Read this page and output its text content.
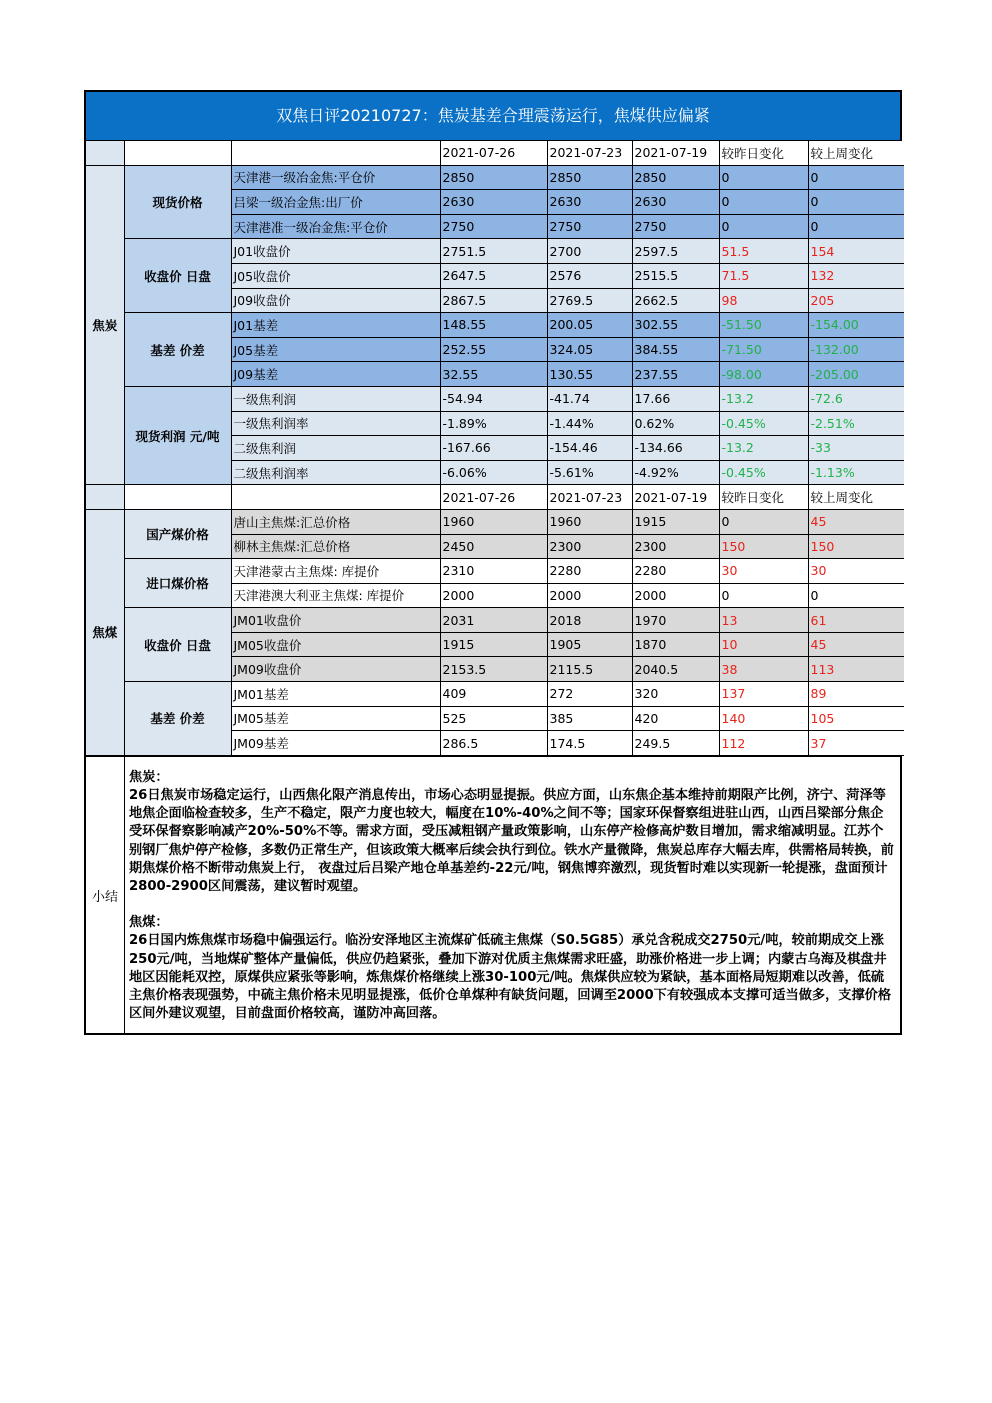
双焦日评20210727：焦炭基差合理震荡运行，焦煤供应偏紧
			2021-07-26	2021-07-23	2021-07-19	较昨日变化	较上周变化
焦炭	现货价格	天津港一级冶金焦:平仓价	2850	2850	2850	0	0
		吕梁一级冶金焦:出厂价	2630	2630	2630	0	0
		天津港准一级冶金焦:平仓价	2750	2750	2750	0	0
	收盘价 日盘	J01收盘价	2751.5	2700	2597.5	51.5	154
		J05收盘价	2647.5	2576	2515.5	71.5	132
		J09收盘价	2867.5	2769.5	2662.5	98	205
	基差 价差	J01基差	148.55	200.05	302.55	-51.50	-154.00
		J05基差	252.55	324.05	384.55	-71.50	-132.00
		J09基差	32.55	130.55	237.55	-98.00	-205.00
	现货利润 元/吨	一级焦利润	-54.94	-41.74	17.66	-13.2	-72.6
		一级焦利润率	-1.89%	-1.44%	0.62%	-0.45%	-2.51%
		二级焦利润	-167.66	-154.46	-134.66	-13.2	-33
		二级焦利润率	-6.06%	-5.61%	-4.92%	-0.45%	-1.13%
			2021-07-26	2021-07-23	2021-07-19	较昨日变化	较上周变化
焦煤	国产煤价格	唐山主焦煤:汇总价格	1960	1960	1915	0	45
		柳林主焦煤:汇总价格	2450	2300	2300	150	150
	进口煤价格	天津港蒙古主焦煤: 库提价	2310	2280	2280	30	30
		天津港澳大利亚主焦煤: 库提价	2000	2000	2000	0	0
	收盘价 日盘	JM01收盘价	2031	2018	1970	13	61
		JM05收盘价	1915	1905	1870	10	45
		JM09收盘价	2153.5	2115.5	2040.5	38	113
	基差 价差	JM01基差	409	272	320	137	89
		JM05基差	525	385	420	140	105
		JM09基差	286.5	174.5	249.5	112	37
小结
焦炭：
26日焦炭市场稳定运行，山西焦化限产消息传出，市场心态明显提振。供应方面，山东焦企基本维持前期限产比例，济宁、菏泽等地焦企面临检查较多，生产不稳定，限产力度也较大，幅度在10%-40%之间不等；国家环保督察组进驻山西，山西吕梁部分焦企受环保督察影响减产20%-50%不等。需求方面，受压减粗钢产量政策影响，山东停产检修高炉数目增加，需求缩减明显。江苏个别钢厂焦炉停产检修，多数仍正常生产，但该政策大概率后续会执行到位。铁水产量微降，焦炭总库存大幅去库，供需格局转换，前期焦煤价格不断带动焦炭上行， 夜盘过后吕梁产地仓单基差约-22元/吨，钢焦博弈激烈，现货暂时难以实现新一轮提涨，盘面预计2800-2900区间震荡，建议暂时观望。
焦煤：
26日国内炼焦煤市场稳中偏强运行。临汾安泽地区主流煤矿低硫主焦煤（S0.5G85）承兑含税成交2750元/吨，较前期成交上涨250元/吨，当地煤矿整体产量偏低，供应仍趋紧张，叠加下游对优质主焦煤需求旺盛，助涨价格进一步上调；内蒙古乌海及棋盘井地区因能耗双控，原煤供应紧张等影响，炼焦煤价格继续上涨30-100元/吨。焦煤供应较为紧缺，基本面格局短期难以改善，低硫主焦价格表现强势，中硫主焦价格未见明显提涨，低价仓单煤种有缺货问题，回调至2000下有较强成本支撑可适当做多，支撑价格区间外建议观望，目前盘面价格较高，谨防冲高回落。
